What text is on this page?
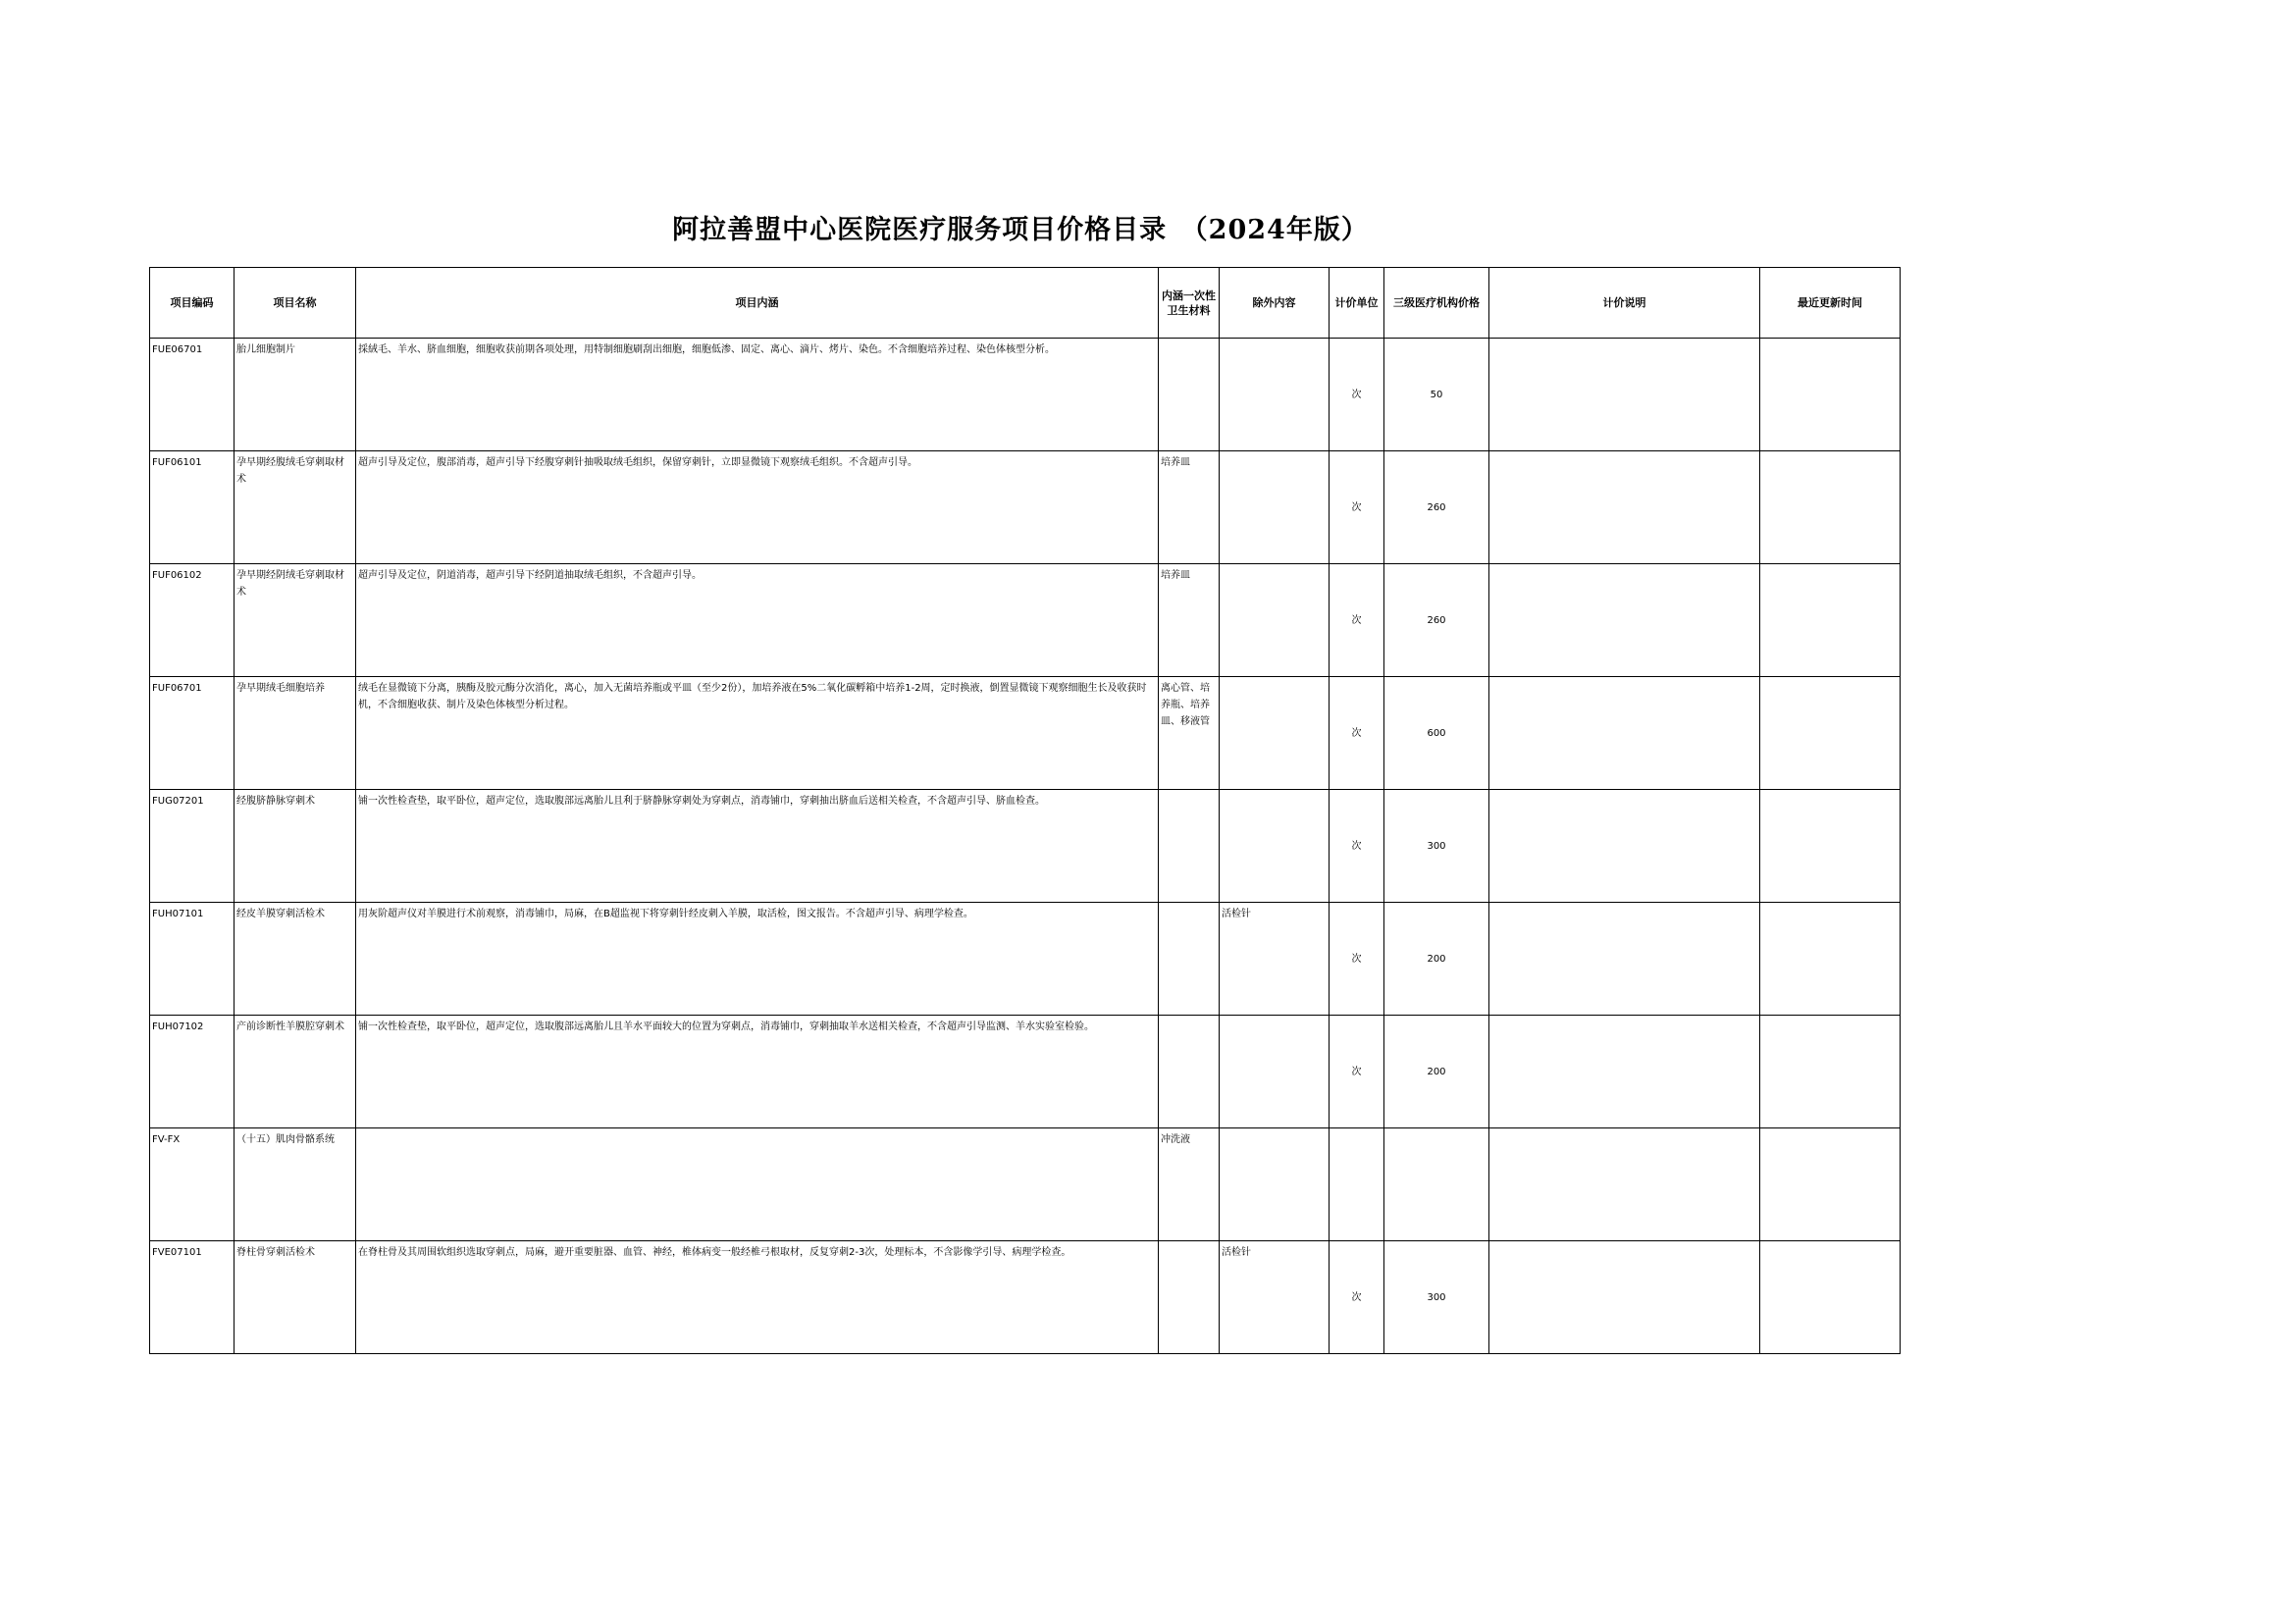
阿拉善盟中心医院医疗服务项目价格目录　（2024年版）
项目编码	项目名称	项目内涵	内涵一次性卫生材料	除外内容	计价单位	三级医疗机构价格	计价说明	最近更新时间
FUE06701	胎儿细胞制片	採絨毛、羊水、脐血细胞，细胞收获前期各项处理，用特制细胞刷刮出细胞，细胞低渗、固定、离心、滴片、烤片、染色。不含细胞培养过程、染色体核型分析。			次	50		
FUF06101	孕早期经腹绒毛穿刺取材术	超声引导及定位，腹部消毒，超声引导下经腹穿刺针抽吸取绒毛组织，保留穿刺针，立即显微镜下观察绒毛组织。不含超声引导。	培养皿		次	260		
FUF06102	孕早期经阴绒毛穿刺取材术	超声引导及定位，阴道消毒，超声引导下经阴道抽取绒毛组织，不含超声引导。	培养皿		次	260		
FUF06701	孕早期绒毛细胞培养	绒毛在显微镜下分离，胰酶及胶元酶分次消化，离心，加入无菌培养瓶或平皿（至少2份），加培养液在5%二氧化碳孵箱中培养1-2周，定时换液，倒置显微镜下观察细胞生长及收获时机，不含细胞收获、制片及染色体核型分析过程。	离心管、培养瓶、培养皿、移液管		次	600		
FUG07201	经腹脐静脉穿刺术	铺一次性检查垫，取平卧位，超声定位，选取腹部远离胎儿且利于脐静脉穿刺处为穿刺点，消毒铺巾，穿刺抽出脐血后送相关检查，不含超声引导、脐血检查。			次	300		
FUH07101	经皮羊膜穿刺活检术	用灰阶超声仪对羊膜进行术前观察，消毒铺巾，局麻，在B超监视下将穿刺针经皮刺入羊膜，取活检，图文报告。不含超声引导、病理学检查。		活检针	次	200		
FUH07102	产前诊断性羊膜腔穿刺术	铺一次性检查垫，取平卧位，超声定位，选取腹部远离胎儿且羊水平面较大的位置为穿刺点，消毒铺巾，穿刺抽取羊水送相关检查，不含超声引导监测、羊水实验室检验。			次	200		
FV-FX	（十五）肌肉骨骼系统		冲洗液					
FVE07101	脊柱骨穿刺活检术	在脊柱骨及其周围软组织选取穿刺点，局麻，避开重要脏器、血管、神经，椎体病变一般经椎弓根取材，反复穿刺2-3次，处理标本，不含影像学引导、病理学检查。		活检针	次	300		
